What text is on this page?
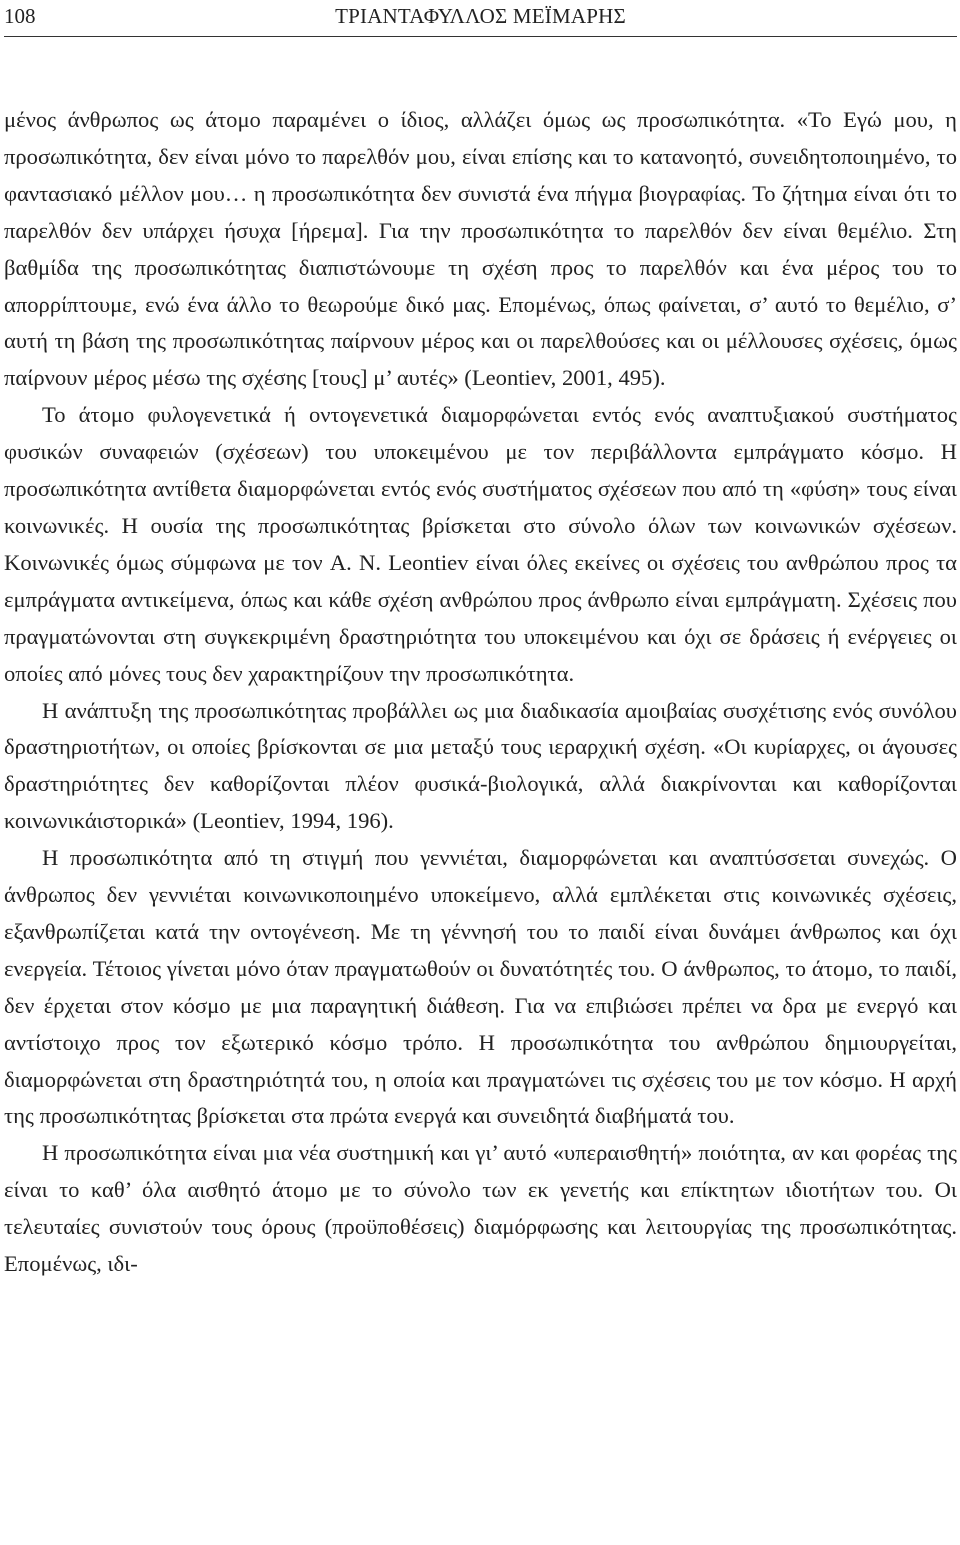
108	ΤΡΙΑΝΤΑΦΥΛΛΟΣ ΜΕΪΜΑΡΗΣ

μένος άνθρωπος ως άτομο παραμένει ο ίδιος, αλλάζει όμως ως προσωπικότητα. «Το Εγώ μου, η προσωπικότητα, δεν είναι μόνο το παρελθόν μου, είναι επίσης και το κατανοητό, συνειδητοποιημένο, το φαντασιακό μέλλον μου… η προσωπικότητα δεν συνιστά ένα πήγμα βιογραφίας. Το ζήτημα είναι ότι το παρελθόν δεν υπάρχει ήσυχα [ήρεμα]. Για την προσωπικότητα το παρελθόν δεν είναι θεμέλιο. Στη βαθμίδα της προσωπικότητας διαπιστώνουμε τη σχέση προς το παρελθόν και ένα μέρος του το απορρίπτουμε, ενώ ένα άλλο το θεωρούμε δικό μας. Επομένως, όπως φαίνεται, σ’ αυτό το θεμέλιο, σ’ αυτή τη βάση της προσωπικότητας παίρνουν μέρος και οι παρελθούσες και οι μέλλουσες σχέσεις, όμως παίρνουν μέρος μέσω της σχέσης [τους] μ’ αυτές» (Leontiev, 2001, 495).

Το άτομο φυλογενετικά ή οντογενετικά διαμορφώνεται εντός ενός αναπτυξιακού συστήματος φυσικών συναφειών (σχέσεων) του υποκειμένου με τον περιβάλλοντα εμπράγματο κόσμο. Η προσωπικότητα αντίθετα διαμορφώνεται εντός ενός συστήματος σχέσεων που από τη «φύση» τους είναι κοινωνικές. Η ουσία της προσωπικότητας βρίσκεται στο σύνολο όλων των κοινωνικών σχέσεων. Κοινωνικές όμως σύμφωνα με τον A. N. Leontiev είναι όλες εκείνες οι σχέσεις του ανθρώπου προς τα εμπράγματα αντικείμενα, όπως και κάθε σχέση ανθρώπου προς άνθρωπο είναι εμπράγματη. Σχέσεις που πραγματώνονται στη συγκεκριμένη δραστηριότητα του υποκειμένου και όχι σε δράσεις ή ενέργειες οι οποίες από μόνες τους δεν χαρακτηρίζουν την προσωπικότητα.

Η ανάπτυξη της προσωπικότητας προβάλλει ως μια διαδικασία αμοιβαίας συσχέτισης ενός συνόλου δραστηριοτήτων, οι οποίες βρίσκονται σε μια μεταξύ τους ιεραρχική σχέση. «Οι κυρίαρχες, οι άγουσες δραστηριότητες δεν καθορίζονται πλέον φυσικά-βιολογικά, αλλά διακρίνονται και καθορίζονται κοινωνικάιστορικά» (Leontiev, 1994, 196).

Η προσωπικότητα από τη στιγμή που γεννιέται, διαμορφώνεται και αναπτύσσεται συνεχώς. Ο άνθρωπος δεν γεννιέται κοινωνικοποιημένο υποκείμενο, αλλά εμπλέκεται στις κοινωνικές σχέσεις, εξανθρωπίζεται κατά την οντογένεση. Με τη γέννησή του το παιδί είναι δυνάμει άνθρωπος και όχι ενεργεία. Τέτοιος γίνεται μόνο όταν πραγματωθούν οι δυνατότητές του. Ο άνθρωπος, το άτομο, το παιδί, δεν έρχεται στον κόσμο με μια παραγητική διάθεση. Για να επιβιώσει πρέπει να δρα με ενεργό και αντίστοιχο προς τον εξωτερικό κόσμο τρόπο. Η προσωπικότητα του ανθρώπου δημιουργείται, διαμορφώνεται στη δραστηριότητά του, η οποία και πραγματώνει τις σχέσεις του με τον κόσμο. Η αρχή της προσωπικότητας βρίσκεται στα πρώτα ενεργά και συνειδητά διαβήματά του.

Η προσωπικότητα είναι μια νέα συστημική και γι’ αυτό «υπεραισθητή» ποιότητα, αν και φορέας της είναι το καθ’ όλα αισθητό άτομο με το σύνολο των εκ γενετής και επίκτητων ιδιοτήτων του. Οι τελευταίες συνιστούν τους όρους (προϋποθέσεις) διαμόρφωσης και λειτουργίας της προσωπικότητας. Επομένως, ιδι-
